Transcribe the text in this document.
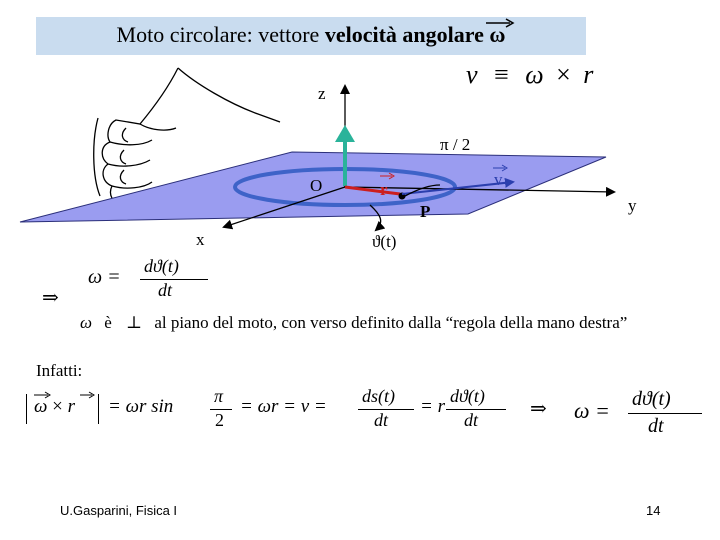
Moto circolare: vettore velocità angolare ω
z
x
y
O	r
P
v
π / 2
ϑ(t)
v ≡ ω × r
ω = dϑ(t)
dt
⇒
ω è ⊥ al piano del moto, con verso definito dalla “regola della mano destra”
Infatti:
ω × r = ωr sin π
2
= ωr = v = ds(t)
dt
= r dϑ(t)
dt	⇒ ω = dϑ(t)
dt
U.Gasparini, Fisica I	14
